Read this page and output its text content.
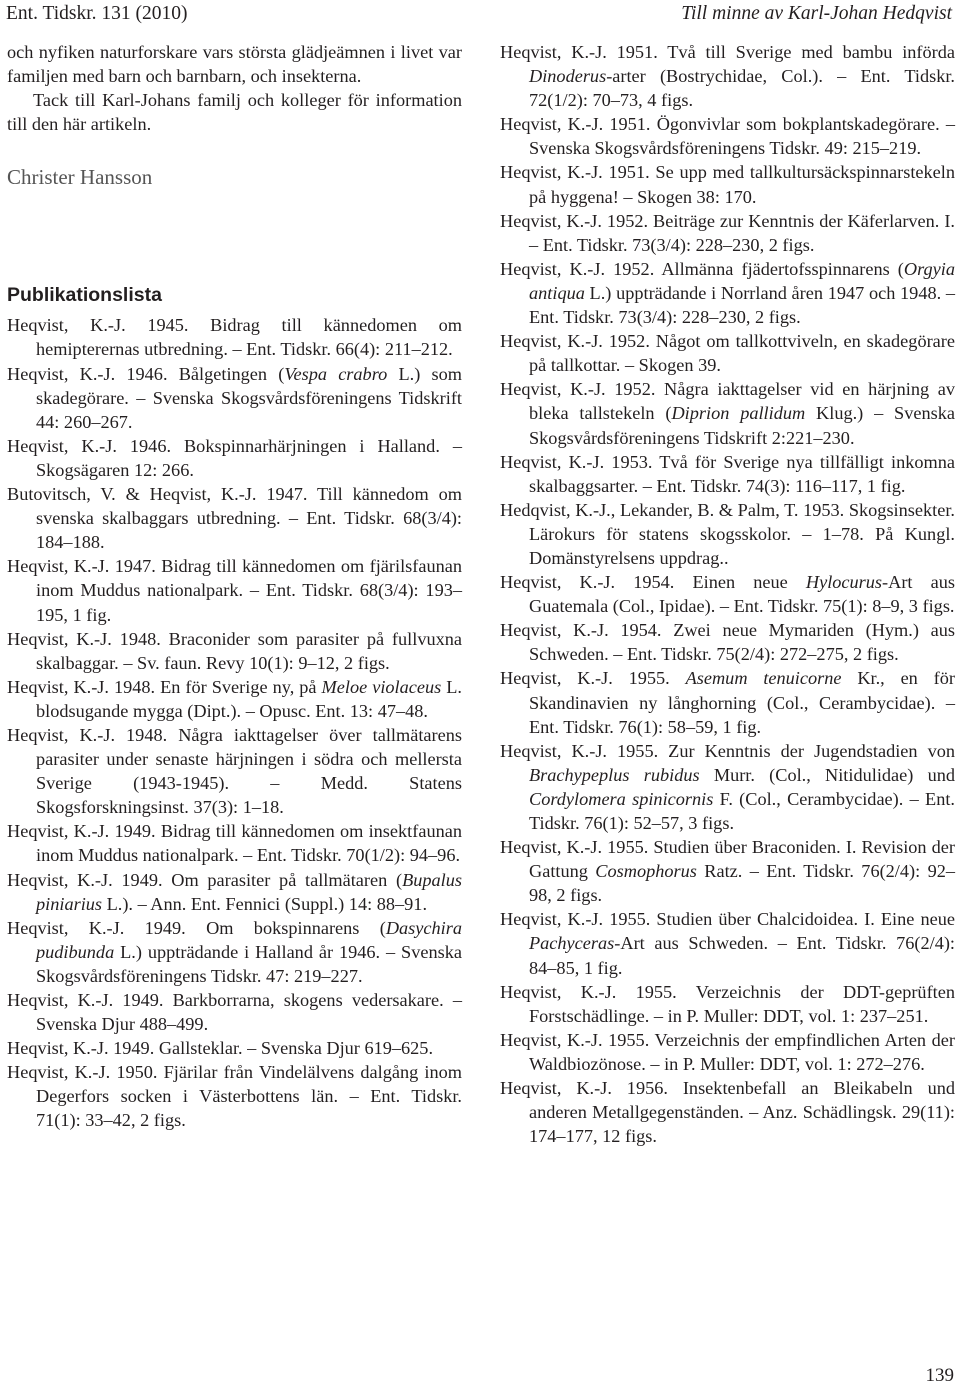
Ent. Tidskr. 131 (2010)	Till minne av Karl-Johan Hedqvist

och nyfiken naturforskare vars största glädjeämnen i livet var familjen med barn och barnbarn, och insekterna.

Tack till Karl-Johans familj och kolleger för information till den här artikeln.

Christer Hansson

Publikationslista

Heqvist, K.-J. 1945. Bidrag till kännedomen om hemipterernas utbredning. – Ent. Tidskr. 66(4): 211–212.

Heqvist, K.-J. 1946. Bålgetingen (Vespa crabro L.) som skadegörare. – Svenska Skogsvårdsföreningens Tidskrift 44: 260–267.

Heqvist, K.-J. 1946. Bokspinnarhärjningen i Halland. – Skogsägaren 12: 266.

Butovitsch, V. & Heqvist, K.-J. 1947. Till kännedom om svenska skalbaggars utbredning. – Ent. Tidskr. 68(3/4): 184–188.

Heqvist, K.-J. 1947. Bidrag till kännedomen om fjärilsfaunan inom Muddus nationalpark. – Ent. Tidskr. 68(3/4): 193–195, 1 fig.

Heqvist, K.-J. 1948. Braconider som parasiter på fullvuxna skalbaggar. – Sv. faun. Revy 10(1): 9–12, 2 figs.

Heqvist, K.-J. 1948. En för Sverige ny, på Meloe violaceus L. blodsugande mygga (Dipt.). – Opusc. Ent. 13: 47–48.

Heqvist, K.-J. 1948. Några iakttagelser över tallmätarens parasiter under senaste härjningen i södra och mellersta Sverige (1943-1945). – Medd. Statens Skogsforskningsinst. 37(3): 1–18.

Heqvist, K.-J. 1949. Bidrag till kännedomen om insektfaunan inom Muddus nationalpark. – Ent. Tidskr. 70(1/2): 94–96.

Heqvist, K.-J. 1949. Om parasiter på tallmätaren (Bupalus piniarius L.). – Ann. Ent. Fennici (Suppl.) 14: 88–91.

Heqvist, K.-J. 1949. Om bokspinnarens (Dasychira pudibunda L.) uppträdande i Halland år 1946. – Svenska Skogsvårdsföreningens Tidskr. 47: 219–227.

Heqvist, K.-J. 1949. Barkborrarna, skogens vedersakare. – Svenska Djur 488–499.

Heqvist, K.-J. 1949. Gallsteklar. – Svenska Djur 619–625.

Heqvist, K.-J. 1950. Fjärilar från Vindelälvens dalgång inom Degerfors socken i Västerbottens län. – Ent. Tidskr. 71(1): 33–42, 2 figs.

Heqvist, K.-J. 1951. Två till Sverige med bambu införda Dinoderus-arter (Bostrychidae, Col.). – Ent. Tidskr. 72(1/2): 70–73, 4 figs.

Heqvist, K.-J. 1951. Ögonvivlar som bokplantskadegörare. – Svenska Skogsvårdsföreningens Tidskr. 49: 215–219.

Heqvist, K.-J. 1951. Se upp med tallkultursäckspinnarstekeln på hyggena! – Skogen 38: 170.

Heqvist, K.-J. 1952. Beiträge zur Kenntnis der Käferlarven. I. – Ent. Tidskr. 73(3/4): 228–230, 2 figs.

Heqvist, K.-J. 1952. Allmänna fjädertofsspinnarens (Orgyia antiqua L.) uppträdande i Norrland åren 1947 och 1948. – Ent. Tidskr. 73(3/4): 228–230, 2 figs.

Heqvist, K.-J. 1952. Något om tallkottviveln, en skadegörare på tallkottar. – Skogen 39.

Heqvist, K.-J. 1952. Några iakttagelser vid en härjning av bleka tallstekeln (Diprion pallidum Klug.) – Svenska Skogsvårdsföreningens Tidskrift 2:221–230.

Heqvist, K.-J. 1953. Två för Sverige nya tillfälligt inkomna skalbaggsarter. – Ent. Tidskr. 74(3): 116–117, 1 fig.

Hedqvist, K.-J., Lekander, B. & Palm, T. 1953. Skogsinsekter. Lärokurs för statens skogsskolor. – 1–78. På Kungl. Domänstyrelsens uppdrag..

Heqvist, K.-J. 1954. Einen neue Hylocurus-Art aus Guatemala (Col., Ipidae). – Ent. Tidskr. 75(1): 8–9, 3 figs.

Heqvist, K.-J. 1954. Zwei neue Mymariden (Hym.) aus Schweden. – Ent. Tidskr. 75(2/4): 272–275, 2 figs.

Heqvist, K.-J. 1955. Asemum tenuicorne Kr., en för Skandinavien ny långhorning (Col., Cerambycidae). – Ent. Tidskr. 76(1): 58–59, 1 fig.

Heqvist, K.-J. 1955. Zur Kenntnis der Jugendstadien von Brachypeplus rubidus Murr. (Col., Nitidulidae) und Cordylomera spinicornis F. (Col., Cerambycidae). – Ent. Tidskr. 76(1): 52–57, 3 figs.

Heqvist, K.-J. 1955. Studien über Braconiden. I. Revision der Gattung Cosmophorus Ratz. – Ent. Tidskr. 76(2/4): 92–98, 2 figs.

Heqvist, K.-J. 1955. Studien über Chalcidoidea. I. Eine neue Pachyceras-Art aus Schweden. – Ent. Tidskr. 76(2/4): 84–85, 1 fig.

Heqvist, K.-J. 1955. Verzeichnis der DDT-geprüften Forstschädlinge. – in P. Muller: DDT, vol. 1: 237–251.

Heqvist, K.-J. 1955. Verzeichnis der empfindlichen Arten der Waldbiozönose. – in P. Muller: DDT, vol. 1: 272–276.

Heqvist, K.-J. 1956. Insektenbefall an Bleikabeln und anderen Metallgegenständen. – Anz. Schädlingsk. 29(11): 174–177, 12 figs.

139
